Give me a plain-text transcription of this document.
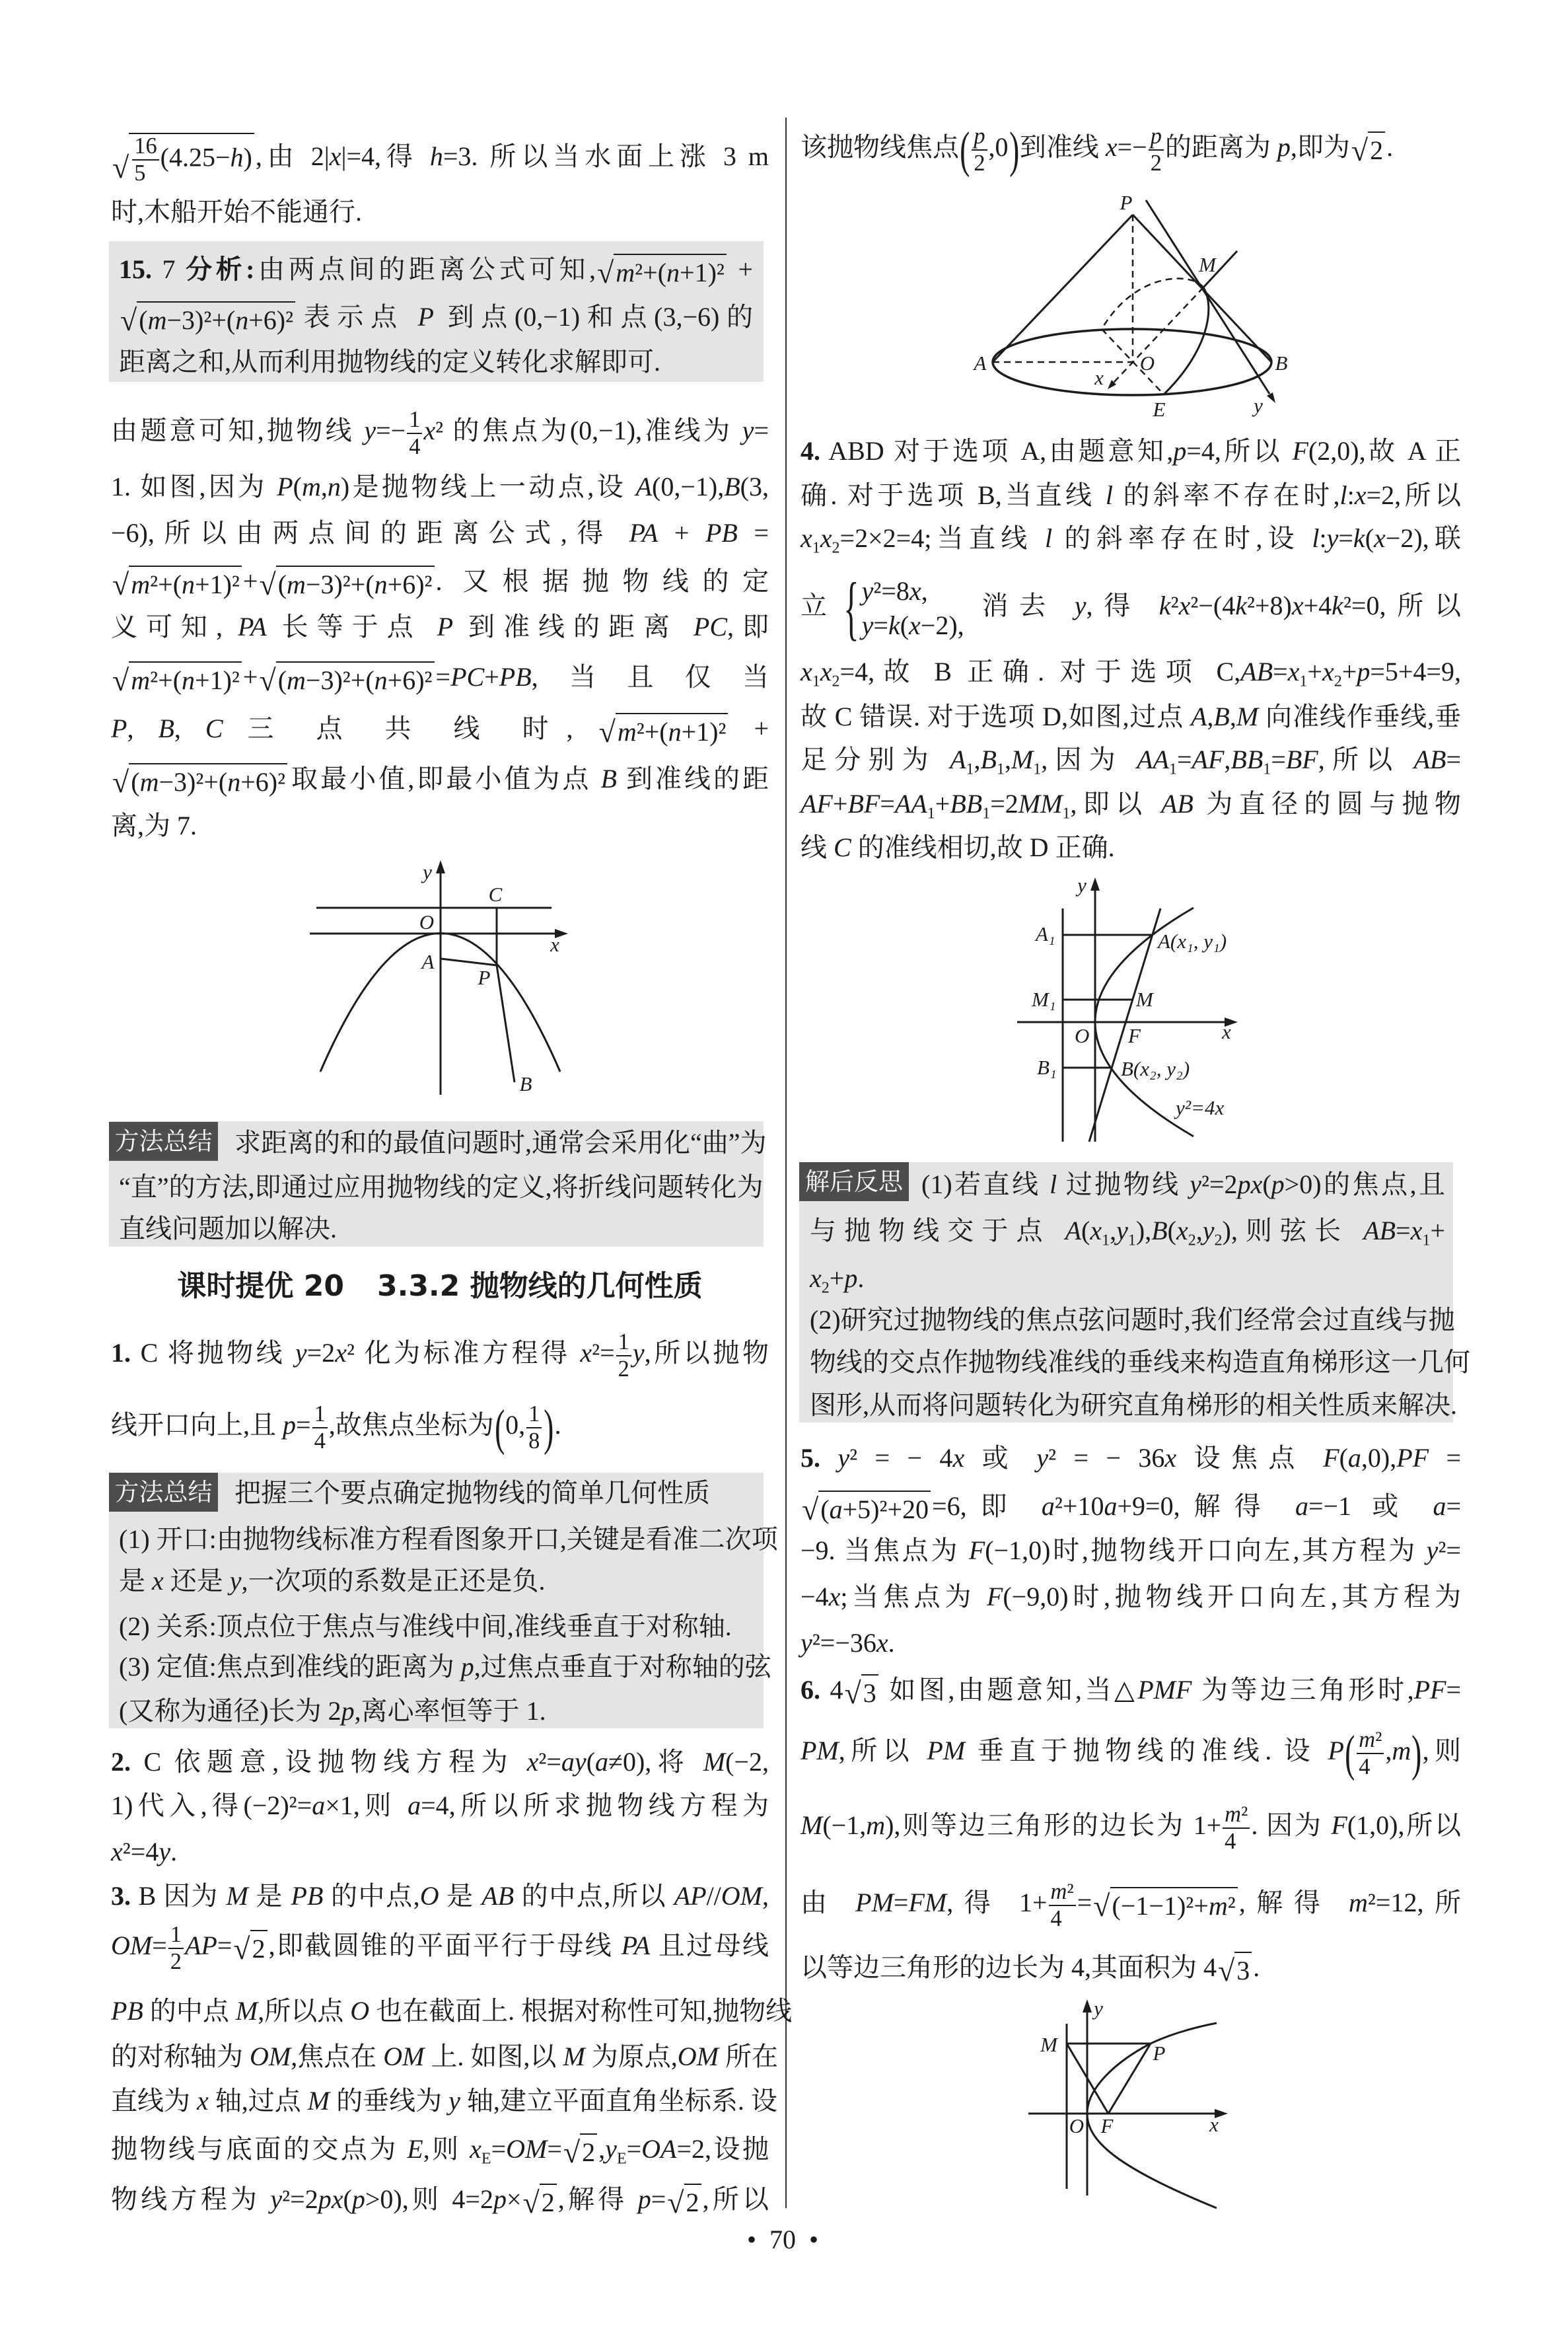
√
$\frac{16}{5} (4.25-h)$ ,由 2|x|=4,得 h=3. 所以当水面上涨 3 m
时,木船开始不能通行.
15. 7 分析:由两点间的距离公式可知, √ m²+(n+1)² +
√
(m−3)²+(n+6)² 表示点 P 到点(0,−1)和点(3,−6)的
距离之和,从而利用抛物线的定义转化求解即可.
由题意可知,抛物线 $y=- \frac{1}{4} x^2$ 的焦点为(0,−1),准线为 y=
1. 如图,因为 P(m,n)是抛物线上一动点,设 A(0,−1),B(3,
−6),所以由两点间的距离公式,得 PA + PB =
√
m²+(n+1)² + √ (m−3)²+(n+6)² . 又根据抛物线的定
义可知, PA 长等于点 P 到准线的距离 PC,即
√
m²+(n+1)² + √ (m−3)²+(n+6)² =PC+PB,当且仅当
P, B, C 三 点 共 线 时, √ m²+(n+1)² +
√
(m−3)²+(n+6)² 取最小值,即最小值为点 B 到准线的距
离,为 7.
y
C
O
x
A
P
B
方法总结 求距离的和的最值问题时,通常会采用化“曲”为
“直”的方法,即通过应用抛物线的定义,将折线问题转化为
直线问题加以解决.
课时提优 20 3.3.2 抛物线的几何性质
1. C 将抛物线 y=2x² 化为标准方程得 $x^2= \frac{1}{2} y$,所以抛物
线开口向上,且 $p= \frac{1}{4}$ ,故焦点坐标为(0, $\frac{1}{8}$ ).
方法总结 把握三个要点确定抛物线的简单几何性质
(1) 开口:由抛物线标准方程看图象开口,关键是看准二次项
是 x 还是 y,一次项的系数是正还是负.
(2) 关系:顶点位于焦点与准线中间,准线垂直于对称轴.
(3) 定值:焦点到准线的距离为 p,过焦点垂直于对称轴的弦
(又称为通径)长为 2p,离心率恒等于 1.
2. C 依题意,设抛物线方程为 x²=ay(a≠0),将 M(−2,
1)代入,得(−2)²=a×1,则 a=4,所以所求抛物线方程为
x²=4y.
3. B 因为 M 是 PB 的中点,O 是 AB 的中点,所以 AP//OM,
$OM= \frac{1}{2} AP=$ √ 2 ,即截圆锥的平面平行于母线 PA 且过母线
PB 的中点 M,所以点 O 也在截面上. 根据对称性可知,抛物线
的对称轴为 OM,焦点在 OM 上. 如图,以 M 为原点,OM 所在
直线为 x 轴,过点 M 的垂线为 y 轴,建立平面直角坐标系. 设
抛物线与底面的交点为 E,则 $x_E=OM=$ √ 2 $,y_E=OA=2$,设抛
物线方程为 y²=2px(p>0),则 4=2p× √ 2 ,解得 p= √ 2 ,所以
该抛物线焦点( $\frac{p}{2} ,0$)到准线 $x=- \frac{p}{2}$ 的距离为 p,即为 √ 2 .
P
M
A	O	B
x
E	y
4. ABD 对于选项 A,由题意知,p=4,所以 F(2,0),故 A 正
确. 对于选项 B,当直线 l 的斜率不存在时,l:x=2,所以
$x_1x_2=2\times 2=4$;当直线 l 的斜率存在时,设 l:y=k(x−2),联
立 { y²=8x,
y=k(x−2),
消去 y,得 k²x²−(4k²+8)x+4k²=0,所以
$x_1x_2=4$,故 B 正确. 对于选项 $C,AB=x_1+x_2+p=5+4=9$,
故 C 错误. 对于选项 D,如图,过点 A,B,M 向准线作垂线,垂
足分别为 $A_1,B_1,M_1$,因为 $AA_1=AF,BB_1=BF$,所以 AB=
$AF+BF=AA_1+BB_1=2MM_1$,即以 AB 为直径的圆与抛物
线 C 的准线相切,故 D 正确.
y
A₁	A(x₁, y₁)
M₁	M
O F	x
B₁	B(x₂, y₂)
y²=4x
解后反思 (1)若直线 l 过抛物线 y²=2px(p>0)的焦点,且
与抛物线交于点 $A(x_1,y_1),B(x_2,y_2)$,则弦长 $AB=x_1+$
$x_2+p$.
(2)研究过抛物线的焦点弦问题时,我们经常会过直线与抛
物线的交点作抛物线准线的垂线来构造直角梯形这一几何
图形,从而将问题转化为研究直角梯形的相关性质来解决.
5. y² = − 4x 或 y² = − 36x 设焦点 F(a,0),PF =
√
(a+5)²+20 =6,即 a²+10a+9=0,解得 a=−1 或 a=
−9. 当焦点为 F(−1,0)时,抛物线开口向左,其方程为 y²=
−4x;当焦点为 F(−9,0)时,抛物线开口向左,其方程为
y²=−36x.
6. 4 √ 3 如图,由题意知,当△PMF 为等边三角形时,PF=
PM,所以 PM 垂直于抛物线的准线. 设 $P( \frac{\text{m²}}{4} ,m)$,则
M(−1,m),则等边三角形的边长为 $1+ \frac{\text{m²}}{4}$ . 因为 F(1,0),所以
由 PM=FM,得 $1+ \frac{\text{m²}}{4}$ = √ (−1−1)²+m² ,解得 m²=12,所
以等边三角形的边长为 4,其面积为 4 √ 3 .
y
M	P
O F	x
•  70  •
